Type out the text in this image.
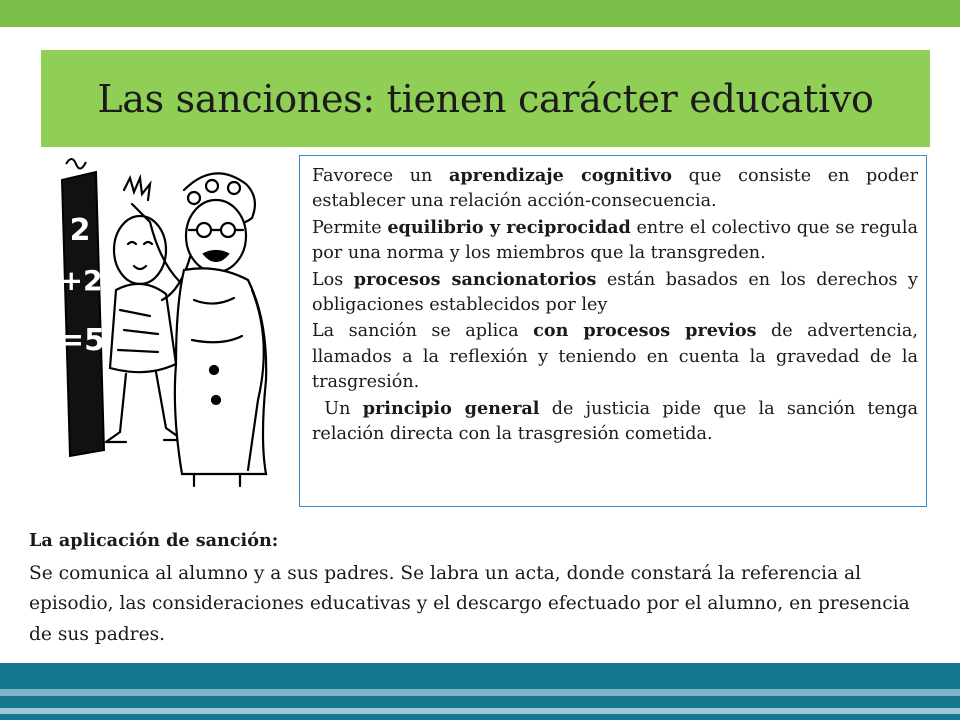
Las sanciones: tienen carácter educativo
2
+2
=5

Favorece un aprendizaje cognitivo que consiste en poder establecer una relación acción-consecuencia.

Permite equilibrio y reciprocidad entre el colectivo que se regula por una norma y los miembros que la transgreden.

Los procesos sancionatorios están basados en los derechos y obligaciones establecidos por ley

La sanción se aplica con procesos previos de advertencia, llamados a la reflexión y teniendo en cuenta la gravedad de la trasgresión.

Un principio general de justicia pide que la sanción tenga relación directa con la trasgresión cometida.

La aplicación de sanción:
Se comunica al alumno y a sus padres. Se labra un acta, donde constará la referencia al episodio, las consideraciones educativas y el descargo efectuado por el alumno, en presencia de sus padres.
